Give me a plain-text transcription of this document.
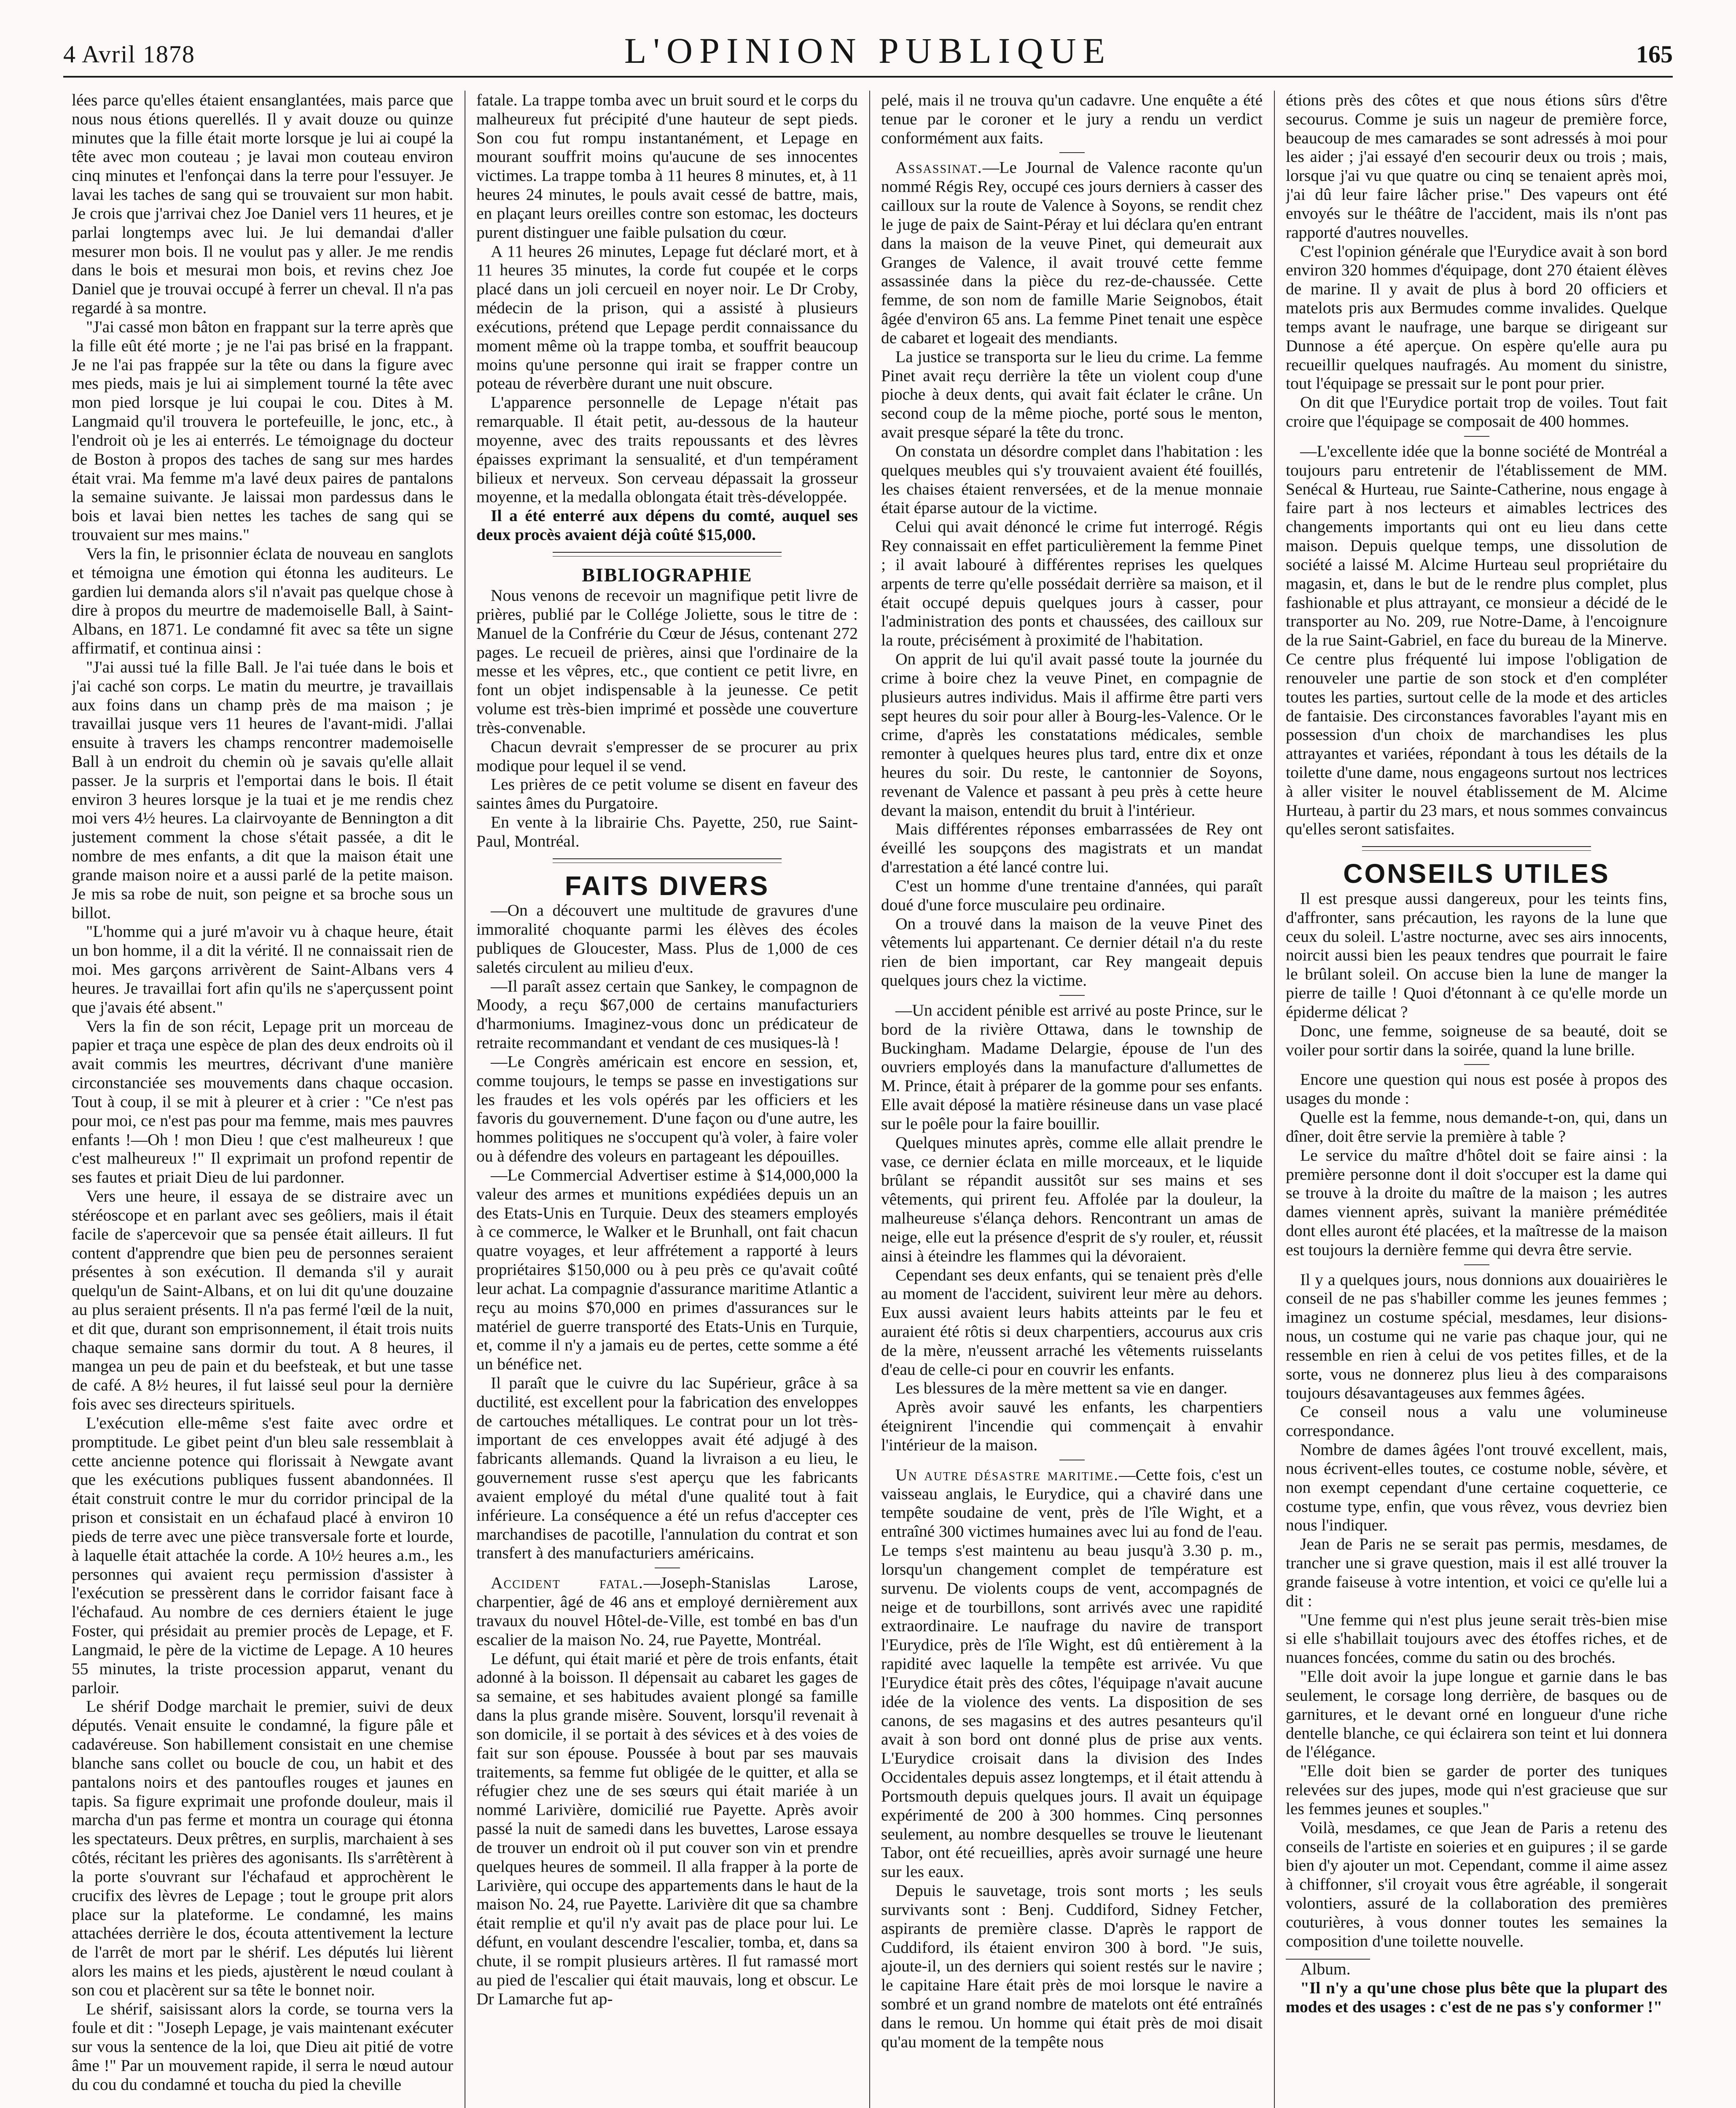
4 Avril 1878	L'OPINION PUBLIQUE	165

lées parce qu'elles étaient ensanglantées, mais parce que nous nous étions querellés. Il y avait douze ou quinze minutes que la fille était morte lorsque je lui ai coupé la tête avec mon couteau ; je lavai mon couteau environ cinq minutes et l'enfonçai dans la terre pour l'essuyer. Je lavai les taches de sang qui se trouvaient sur mon habit. Je crois que j'arrivai chez Joe Daniel vers 11 heures, et je parlai longtemps avec lui. Je lui demandai d'aller mesurer mon bois. Il ne voulut pas y aller. Je me rendis dans le bois et mesurai mon bois, et revins chez Joe Daniel que je trouvai occupé à ferrer un cheval. Il n'a pas regardé à sa montre.

"J'ai cassé mon bâton en frappant sur la terre après que la fille eût été morte ; je ne l'ai pas brisé en la frappant. Je ne l'ai pas frappée sur la tête ou dans la figure avec mes pieds, mais je lui ai simplement tourné la tête avec mon pied lorsque je lui coupai le cou. Dites à M. Langmaid qu'il trouvera le portefeuille, le jonc, etc., à l'endroit où je les ai enterrés. Le témoignage du docteur de Boston à propos des taches de sang sur mes hardes était vrai. Ma femme m'a lavé deux paires de pantalons la semaine suivante. Je laissai mon pardessus dans le bois et lavai bien nettes les taches de sang qui se trouvaient sur mes mains."

Vers la fin, le prisonnier éclata de nouveau en sanglots et témoigna une émotion qui étonna les auditeurs. Le gardien lui demanda alors s'il n'avait pas quelque chose à dire à propos du meurtre de mademoiselle Ball, à Saint-Albans, en 1871. Le condamné fit avec sa tête un signe affirmatif, et continua ainsi :

"J'ai aussi tué la fille Ball. Je l'ai tuée dans le bois et j'ai caché son corps. Le matin du meurtre, je travaillais aux foins dans un champ près de ma maison ; je travaillai jusque vers 11 heures de l'avant-midi. J'allai ensuite à travers les champs rencontrer mademoiselle Ball à un endroit du chemin où je savais qu'elle allait passer. Je la surpris et l'emportai dans le bois. Il était environ 3 heures lorsque je la tuai et je me rendis chez moi vers 4½ heures. La clairvoyante de Bennington a dit justement comment la chose s'était passée, a dit le nombre de mes enfants, a dit que la maison était une grande maison noire et a aussi parlé de la petite maison. Je mis sa robe de nuit, son peigne et sa broche sous un billot.

"L'homme qui a juré m'avoir vu à chaque heure, était un bon homme, il a dit la vérité. Il ne connaissait rien de moi. Mes garçons arrivèrent de Saint-Albans vers 4 heures. Je travaillai fort afin qu'ils ne s'aperçussent point que j'avais été absent."

Vers la fin de son récit, Lepage prit un morceau de papier et traça une espèce de plan des deux endroits où il avait commis les meurtres, décrivant d'une manière circonstanciée ses mouvements dans chaque occasion. Tout à coup, il se mit à pleurer et à crier : "Ce n'est pas pour moi, ce n'est pas pour ma femme, mais mes pauvres enfants !—Oh ! mon Dieu ! que c'est malheureux ! que c'est malheureux !" Il exprimait un profond repentir de ses fautes et priait Dieu de lui pardonner.

Vers une heure, il essaya de se distraire avec un stéréoscope et en parlant avec ses geôliers, mais il était facile de s'apercevoir que sa pensée était ailleurs. Il fut content d'apprendre que bien peu de personnes seraient présentes à son exécution. Il demanda s'il y aurait quelqu'un de Saint-Albans, et on lui dit qu'une douzaine au plus seraient présents. Il n'a pas fermé l'œil de la nuit, et dit que, durant son emprisonnement, il était trois nuits chaque semaine sans dormir du tout. A 8 heures, il mangea un peu de pain et du beefsteak, et but une tasse de café. A 8½ heures, il fut laissé seul pour la dernière fois avec ses directeurs spirituels.

L'exécution elle-même s'est faite avec ordre et promptitude. Le gibet peint d'un bleu sale ressemblait à cette ancienne potence qui florissait à Newgate avant que les exécutions publiques fussent abandonnées. Il était construit contre le mur du corridor principal de la prison et consistait en un échafaud placé à environ 10 pieds de terre avec une pièce transversale forte et lourde, à laquelle était attachée la corde. A 10½ heures a.m., les personnes qui avaient reçu permission d'assister à l'exécution se pressèrent dans le corridor faisant face à l'échafaud. Au nombre de ces derniers étaient le juge Foster, qui présidait au premier procès de Lepage, et F. Langmaid, le père de la victime de Lepage. A 10 heures 55 minutes, la triste procession apparut, venant du parloir.

Le shérif Dodge marchait le premier, suivi de deux députés. Venait ensuite le condamné, la figure pâle et cadavéreuse. Son habillement consistait en une chemise blanche sans collet ou boucle de cou, un habit et des pantalons noirs et des pantoufles rouges et jaunes en tapis. Sa figure exprimait une profonde douleur, mais il marcha d'un pas ferme et montra un courage qui étonna les spectateurs. Deux prêtres, en surplis, marchaient à ses côtés, récitant les prières des agonisants. Ils s'arrêtèrent à la porte s'ouvrant sur l'échafaud et approchèrent le crucifix des lèvres de Lepage ; tout le groupe prit alors place sur la plateforme. Le condamné, les mains attachées derrière le dos, écouta attentivement la lecture de l'arrêt de mort par le shérif. Les députés lui lièrent alors les mains et les pieds, ajustèrent le nœud coulant à son cou et placèrent sur sa tête le bonnet noir.

Le shérif, saisissant alors la corde, se tourna vers la foule et dit : "Joseph Lepage, je vais maintenant exécuter sur vous la sentence de la loi, que Dieu ait pitié de votre âme !" Par un mouvement rapide, il serra le nœud autour du cou du condamné et toucha du pied la cheville

fatale. La trappe tomba avec un bruit sourd et le corps du malheureux fut précipité d'une hauteur de sept pieds. Son cou fut rompu instantanément, et Lepage en mourant souffrit moins qu'aucune de ses innocentes victimes. La trappe tomba à 11 heures 8 minutes, et, à 11 heures 24 minutes, le pouls avait cessé de battre, mais, en plaçant leurs oreilles contre son estomac, les docteurs purent distinguer une faible pulsation du cœur.

A 11 heures 26 minutes, Lepage fut déclaré mort, et à 11 heures 35 minutes, la corde fut coupée et le corps placé dans un joli cercueil en noyer noir. Le Dr Croby, médecin de la prison, qui a assisté à plusieurs exécutions, prétend que Lepage perdit connaissance du moment même où la trappe tomba, et souffrit beaucoup moins qu'une personne qui irait se frapper contre un poteau de réverbère durant une nuit obscure.

L'apparence personnelle de Lepage n'était pas remarquable. Il était petit, au-dessous de la hauteur moyenne, avec des traits repoussants et des lèvres épaisses exprimant la sensualité, et d'un tempérament bilieux et nerveux. Son cerveau dépassait la grosseur moyenne, et la medalla oblongata était très-développée.

Il a été enterré aux dépens du comté, auquel ses deux procès avaient déjà coûté $15,000.

BIBLIOGRAPHIE

Nous venons de recevoir un magnifique petit livre de prières, publié par le Collége Joliette, sous le titre de : Manuel de la Confrérie du Cœur de Jésus, contenant 272 pages. Le recueil de prières, ainsi que l'ordinaire de la messe et les vêpres, etc., que contient ce petit livre, en font un objet indispensable à la jeunesse. Ce petit volume est très-bien imprimé et possède une couverture très-convenable.

Chacun devrait s'empresser de se procurer au prix modique pour lequel il se vend.

Les prières de ce petit volume se disent en faveur des saintes âmes du Purgatoire.

En vente à la librairie Chs. Payette, 250, rue Saint-Paul, Montréal.

FAITS DIVERS

—On a découvert une multitude de gravures d'une immoralité choquante parmi les élèves des écoles publiques de Gloucester, Mass. Plus de 1,000 de ces saletés circulent au milieu d'eux.

—Il paraît assez certain que Sankey, le compagnon de Moody, a reçu $67,000 de certains manufacturiers d'harmoniums. Imaginez-vous donc un prédicateur de retraite recommandant et vendant de ces musiques-là !

—Le Congrès américain est encore en session, et, comme toujours, le temps se passe en investigations sur les fraudes et les vols opérés par les officiers et les favoris du gouvernement. D'une façon ou d'une autre, les hommes politiques ne s'occupent qu'à voler, à faire voler ou à défendre des voleurs en partageant les dépouilles.

—Le Commercial Advertiser estime à $14,000,000 la valeur des armes et munitions expédiées depuis un an des Etats-Unis en Turquie. Deux des steamers employés à ce commerce, le Walker et le Brunhall, ont fait chacun quatre voyages, et leur affrétement a rapporté à leurs propriétaires $150,000 ou à peu près ce qu'avait coûté leur achat. La compagnie d'assurance maritime Atlantic a reçu au moins $70,000 en primes d'assurances sur le matériel de guerre transporté des Etats-Unis en Turquie, et, comme il n'y a jamais eu de pertes, cette somme a été un bénéfice net.

Il paraît que le cuivre du lac Supérieur, grâce à sa ductilité, est excellent pour la fabrication des enveloppes de cartouches métalliques. Le contrat pour un lot très-important de ces enveloppes avait été adjugé à des fabricants allemands. Quand la livraison a eu lieu, le gouvernement russe s'est aperçu que les fabricants avaient employé du métal d'une qualité tout à fait inférieure. La conséquence a été un refus d'accepter ces marchandises de pacotille, l'annulation du contrat et son transfert à des manufacturiers américains.

Accident fatal.—Joseph-Stanislas Larose, charpentier, âgé de 46 ans et employé dernièrement aux travaux du nouvel Hôtel-de-Ville, est tombé en bas d'un escalier de la maison No. 24, rue Payette, Montréal.

Le défunt, qui était marié et père de trois enfants, était adonné à la boisson. Il dépensait au cabaret les gages de sa semaine, et ses habitudes avaient plongé sa famille dans la plus grande misère. Souvent, lorsqu'il revenait à son domicile, il se portait à des sévices et à des voies de fait sur son épouse. Poussée à bout par ses mauvais traitements, sa femme fut obligée de le quitter, et alla se réfugier chez une de ses sœurs qui était mariée à un nommé Larivière, domicilié rue Payette. Après avoir passé la nuit de samedi dans les buvettes, Larose essaya de trouver un endroit où il put couver son vin et prendre quelques heures de sommeil. Il alla frapper à la porte de Larivière, qui occupe des appartements dans le haut de la maison No. 24, rue Payette. Larivière dit que sa chambre était remplie et qu'il n'y avait pas de place pour lui. Le défunt, en voulant descendre l'escalier, tomba, et, dans sa chute, il se rompit plusieurs artères. Il fut ramassé mort au pied de l'escalier qui était mauvais, long et obscur. Le Dr Lamarche fut ap-

pelé, mais il ne trouva qu'un cadavre. Une enquête a été tenue par le coroner et le jury a rendu un verdict conformément aux faits.

Assassinat.—Le Journal de Valence raconte qu'un nommé Régis Rey, occupé ces jours derniers à casser des cailloux sur la route de Valence à Soyons, se rendit chez le juge de paix de Saint-Péray et lui déclara qu'en entrant dans la maison de la veuve Pinet, qui demeurait aux Granges de Valence, il avait trouvé cette femme assassinée dans la pièce du rez-de-chaussée. Cette femme, de son nom de famille Marie Seignobos, était âgée d'environ 65 ans. La femme Pinet tenait une espèce de cabaret et logeait des mendiants.

La justice se transporta sur le lieu du crime. La femme Pinet avait reçu derrière la tête un violent coup d'une pioche à deux dents, qui avait fait éclater le crâne. Un second coup de la même pioche, porté sous le menton, avait presque séparé la tête du tronc.

On constata un désordre complet dans l'habitation : les quelques meubles qui s'y trouvaient avaient été fouillés, les chaises étaient renversées, et de la menue monnaie était éparse autour de la victime.

Celui qui avait dénoncé le crime fut interrogé. Régis Rey connaissait en effet particulièrement la femme Pinet ; il avait labouré à différentes reprises les quelques arpents de terre qu'elle possédait derrière sa maison, et il était occupé depuis quelques jours à casser, pour l'administration des ponts et chaussées, des cailloux sur la route, précisément à proximité de l'habitation.

On apprit de lui qu'il avait passé toute la journée du crime à boire chez la veuve Pinet, en compagnie de plusieurs autres individus. Mais il affirme être parti vers sept heures du soir pour aller à Bourg-les-Valence. Or le crime, d'après les constatations médicales, semble remonter à quelques heures plus tard, entre dix et onze heures du soir. Du reste, le cantonnier de Soyons, revenant de Valence et passant à peu près à cette heure devant la maison, entendit du bruit à l'intérieur.

Mais différentes réponses embarrassées de Rey ont éveillé les soupçons des magistrats et un mandat d'arrestation a été lancé contre lui.

C'est un homme d'une trentaine d'années, qui paraît doué d'une force musculaire peu ordinaire.

On a trouvé dans la maison de la veuve Pinet des vêtements lui appartenant. Ce dernier détail n'a du reste rien de bien important, car Rey mangeait depuis quelques jours chez la victime.

—Un accident pénible est arrivé au poste Prince, sur le bord de la rivière Ottawa, dans le township de Buckingham. Madame Delargie, épouse de l'un des ouvriers employés dans la manufacture d'allumettes de M. Prince, était à préparer de la gomme pour ses enfants. Elle avait déposé la matière résineuse dans un vase placé sur le poêle pour la faire bouillir.

Quelques minutes après, comme elle allait prendre le vase, ce dernier éclata en mille morceaux, et le liquide brûlant se répandit aussitôt sur ses mains et ses vêtements, qui prirent feu. Affolée par la douleur, la malheureuse s'élança dehors. Rencontrant un amas de neige, elle eut la présence d'esprit de s'y rouler, et, réussit ainsi à éteindre les flammes qui la dévoraient.

Cependant ses deux enfants, qui se tenaient près d'elle au moment de l'accident, suivirent leur mère au dehors. Eux aussi avaient leurs habits atteints par le feu et auraient été rôtis si deux charpentiers, accourus aux cris de la mère, n'eussent arraché les vêtements ruisselants d'eau de celle-ci pour en couvrir les enfants.

Les blessures de la mère mettent sa vie en danger.

Après avoir sauvé les enfants, les charpentiers éteignirent l'incendie qui commençait à envahir l'intérieur de la maison.

Un autre désastre maritime.—Cette fois, c'est un vaisseau anglais, le Eurydice, qui a chaviré dans une tempête soudaine de vent, près de l'île Wight, et a entraîné 300 victimes humaines avec lui au fond de l'eau. Le temps s'est maintenu au beau jusqu'à 3.30 p. m., lorsqu'un changement complet de température est survenu. De violents coups de vent, accompagnés de neige et de tourbillons, sont arrivés avec une rapidité extraordinaire. Le naufrage du navire de transport l'Eurydice, près de l'île Wight, est dû entièrement à la rapidité avec laquelle la tempête est arrivée. Vu que l'Eurydice était près des côtes, l'équipage n'avait aucune idée de la violence des vents. La disposition de ses canons, de ses magasins et des autres pesanteurs qu'il avait à son bord ont donné plus de prise aux vents. L'Eurydice croisait dans la division des Indes Occidentales depuis assez longtemps, et il était attendu à Portsmouth depuis quelques jours. Il avait un équipage expérimenté de 200 à 300 hommes. Cinq personnes seulement, au nombre desquelles se trouve le lieutenant Tabor, ont été recueillies, après avoir surnagé une heure sur les eaux.

Depuis le sauvetage, trois sont morts ; les seuls survivants sont : Benj. Cuddiford, Sidney Fetcher, aspirants de première classe. D'après le rapport de Cuddiford, ils étaient environ 300 à bord. "Je suis, ajoute-il, un des derniers qui soient restés sur le navire ; le capitaine Hare était près de moi lorsque le navire a sombré et un grand nombre de matelots ont été entraînés dans le remou. Un homme qui était près de moi disait qu'au moment de la tempête nous

étions près des côtes et que nous étions sûrs d'être secourus. Comme je suis un nageur de première force, beaucoup de mes camarades se sont adressés à moi pour les aider ; j'ai essayé d'en secourir deux ou trois ; mais, lorsque j'ai vu que quatre ou cinq se tenaient après moi, j'ai dû leur faire lâcher prise." Des vapeurs ont été envoyés sur le théâtre de l'accident, mais ils n'ont pas rapporté d'autres nouvelles.

C'est l'opinion générale que l'Eurydice avait à son bord environ 320 hommes d'équipage, dont 270 étaient élèves de marine. Il y avait de plus à bord 20 officiers et matelots pris aux Bermudes comme invalides. Quelque temps avant le naufrage, une barque se dirigeant sur Dunnose a été aperçue. On espère qu'elle aura pu recueillir quelques naufragés. Au moment du sinistre, tout l'équipage se pressait sur le pont pour prier.

On dit que l'Eurydice portait trop de voiles. Tout fait croire que l'équipage se composait de 400 hommes.

—L'excellente idée que la bonne société de Montréal a toujours paru entretenir de l'établissement de MM. Senécal & Hurteau, rue Sainte-Catherine, nous engage à faire part à nos lecteurs et aimables lectrices des changements importants qui ont eu lieu dans cette maison. Depuis quelque temps, une dissolution de société a laissé M. Alcime Hurteau seul propriétaire du magasin, et, dans le but de le rendre plus complet, plus fashionable et plus attrayant, ce monsieur a décidé de le transporter au No. 209, rue Notre-Dame, à l'encoignure de la rue Saint-Gabriel, en face du bureau de la Minerve. Ce centre plus fréquenté lui impose l'obligation de renouveler une partie de son stock et d'en compléter toutes les parties, surtout celle de la mode et des articles de fantaisie. Des circonstances favorables l'ayant mis en possession d'un choix de marchandises les plus attrayantes et variées, répondant à tous les détails de la toilette d'une dame, nous engageons surtout nos lectrices à aller visiter le nouvel établissement de M. Alcime Hurteau, à partir du 23 mars, et nous sommes convaincus qu'elles seront satisfaites.

CONSEILS UTILES

Il est presque aussi dangereux, pour les teints fins, d'affronter, sans précaution, les rayons de la lune que ceux du soleil. L'astre nocturne, avec ses airs innocents, noircit aussi bien les peaux tendres que pourrait le faire le brûlant soleil. On accuse bien la lune de manger la pierre de taille ! Quoi d'étonnant à ce qu'elle morde un épiderme délicat ?

Donc, une femme, soigneuse de sa beauté, doit se voiler pour sortir dans la soirée, quand la lune brille.

Encore une question qui nous est posée à propos des usages du monde :

Quelle est la femme, nous demande-t-on, qui, dans un dîner, doit être servie la première à table ?

Le service du maître d'hôtel doit se faire ainsi : la première personne dont il doit s'occuper est la dame qui se trouve à la droite du maître de la maison ; les autres dames viennent après, suivant la manière préméditée dont elles auront été placées, et la maîtresse de la maison est toujours la dernière femme qui devra être servie.

Il y a quelques jours, nous donnions aux douairières le conseil de ne pas s'habiller comme les jeunes femmes ; imaginez un costume spécial, mesdames, leur disions-nous, un costume qui ne varie pas chaque jour, qui ne ressemble en rien à celui de vos petites filles, et de la sorte, vous ne donnerez plus lieu à des comparaisons toujours désavantageuses aux femmes âgées.

Ce conseil nous a valu une volumineuse correspondance.

Nombre de dames âgées l'ont trouvé excellent, mais, nous écrivent-elles toutes, ce costume noble, sévère, et non exempt cependant d'une certaine coquetterie, ce costume type, enfin, que vous rêvez, vous devriez bien nous l'indiquer.

Jean de Paris ne se serait pas permis, mesdames, de trancher une si grave question, mais il est allé trouver la grande faiseuse à votre intention, et voici ce qu'elle lui a dit :

"Une femme qui n'est plus jeune serait très-bien mise si elle s'habillait toujours avec des étoffes riches, et de nuances foncées, comme du satin ou des brochés.

"Elle doit avoir la jupe longue et garnie dans le bas seulement, le corsage long derrière, de basques ou de garnitures, et le devant orné en longueur d'une riche dentelle blanche, ce qui éclairera son teint et lui donnera de l'élégance.

"Elle doit bien se garder de porter des tuniques relevées sur des jupes, mode qui n'est gracieuse que sur les femmes jeunes et souples."

Voilà, mesdames, ce que Jean de Paris a retenu des conseils de l'artiste en soieries et en guipures ; il se garde bien d'y ajouter un mot. Cependant, comme il aime assez à chiffonner, s'il croyait vous être agréable, il songerait volontiers, assuré de la collaboration des premières couturières, à vous donner toutes les semaines la composition d'une toilette nouvelle.

Album.

"Il n'y a qu'une chose plus bête que la plupart des modes et des usages : c'est de ne pas s'y conformer !"
